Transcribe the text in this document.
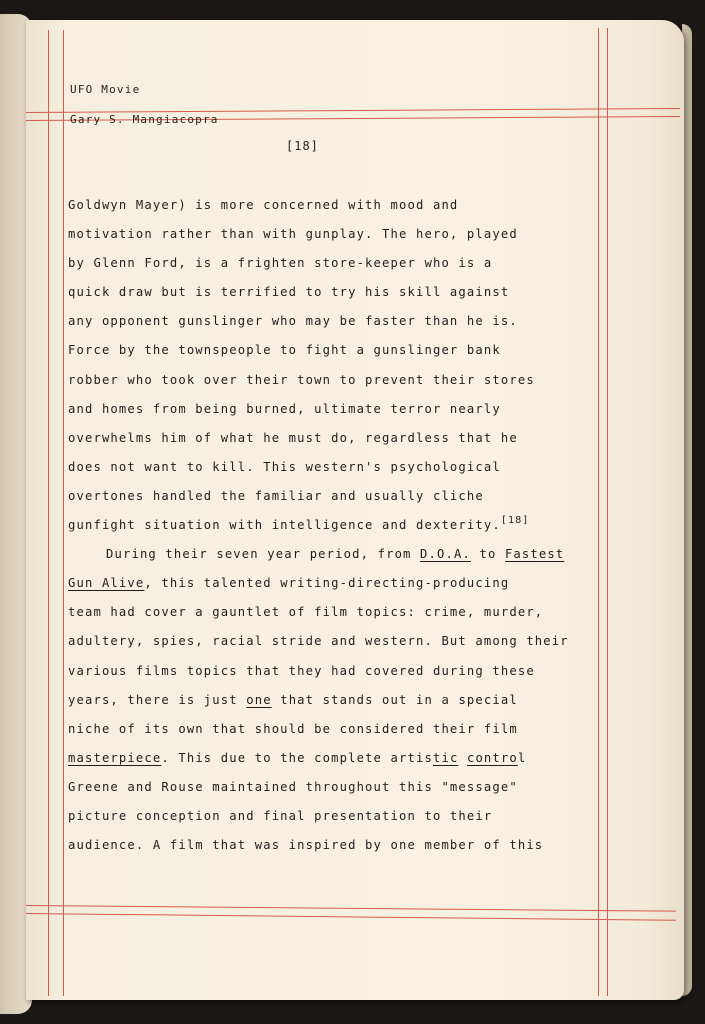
UFO Movie
Gary S. Mangiacopra
[18]
Goldwyn Mayer) is more concerned with mood and
motivation rather than with gunplay. The hero, played
by Glenn Ford, is a frighten store-keeper who is a
quick draw but is terrified to try his skill against
any opponent gunslinger who may be faster than he is.
Force by the townspeople to fight a gunslinger bank
robber who took over their town to prevent their stores
and homes from being burned, ultimate terror nearly
overwhelms him of what he must do, regardless that he
does not want to kill. This western's psychological
overtones handled the familiar and usually cliche
gunfight situation with intelligence and dexterity.[18]
During their seven year period, from D.O.A. to Fastest
Gun Alive, this talented writing-directing-producing
team had cover a gauntlet of film topics: crime, murder,
adultery, spies, racial stride and western. But among their
various films topics that they had covered during these
years, there is just one that stands out in a special
niche of its own that should be considered their film
masterpiece. This due to the complete artistic control
Greene and Rouse maintained throughout this "message"
picture conception and final presentation to their
audience. A film that was inspired by one member of this
